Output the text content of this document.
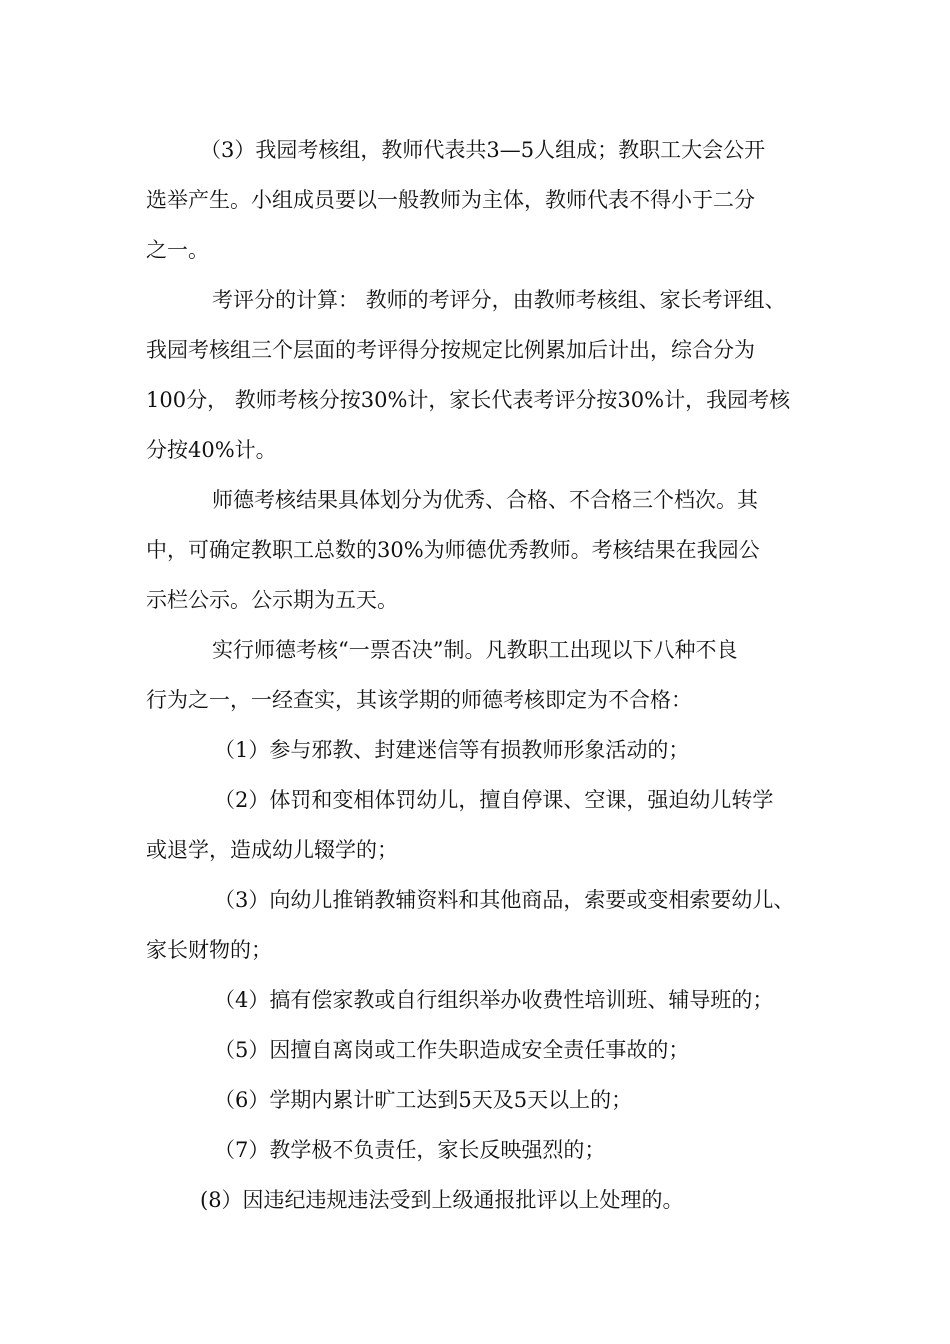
（3）我园考核组，教师代表共3—5人组成；教职工大会公开

选举产生。小组成员要以一般教师为主体，教师代表不得小于二分

之一。

考评分的计算： 教师的考评分，由教师考核组、家长考评组、

我园考核组三个层面的考评得分按规定比例累加后计出，综合分为

100分， 教师考核分按30%计，家长代表考评分按30%计，我园考核

分按40%计。

师德考核结果具体划分为优秀、合格、不合格三个档次。其

中，可确定教职工总数的30%为师德优秀教师。考核结果在我园公

示栏公示。公示期为五天。

实行师德考核“一票否决”制。凡教职工出现以下八种不良

行为之一，一经查实，其该学期的师德考核即定为不合格：

（1）参与邪教、封建迷信等有损教师形象活动的；

（2）体罚和变相体罚幼儿，擅自停课、空课，强迫幼儿转学

或退学，造成幼儿辍学的；

（3）向幼儿推销教辅资料和其他商品，索要或变相索要幼儿、

家长财物的；

（4）搞有偿家教或自行组织举办收费性培训班、辅导班的；

（5）因擅自离岗或工作失职造成安全责任事故的；

（6）学期内累计旷工达到5天及5天以上的；

（7）教学极不负责任，家长反映强烈的；

(8）因违纪违规违法受到上级通报批评以上处理的。
